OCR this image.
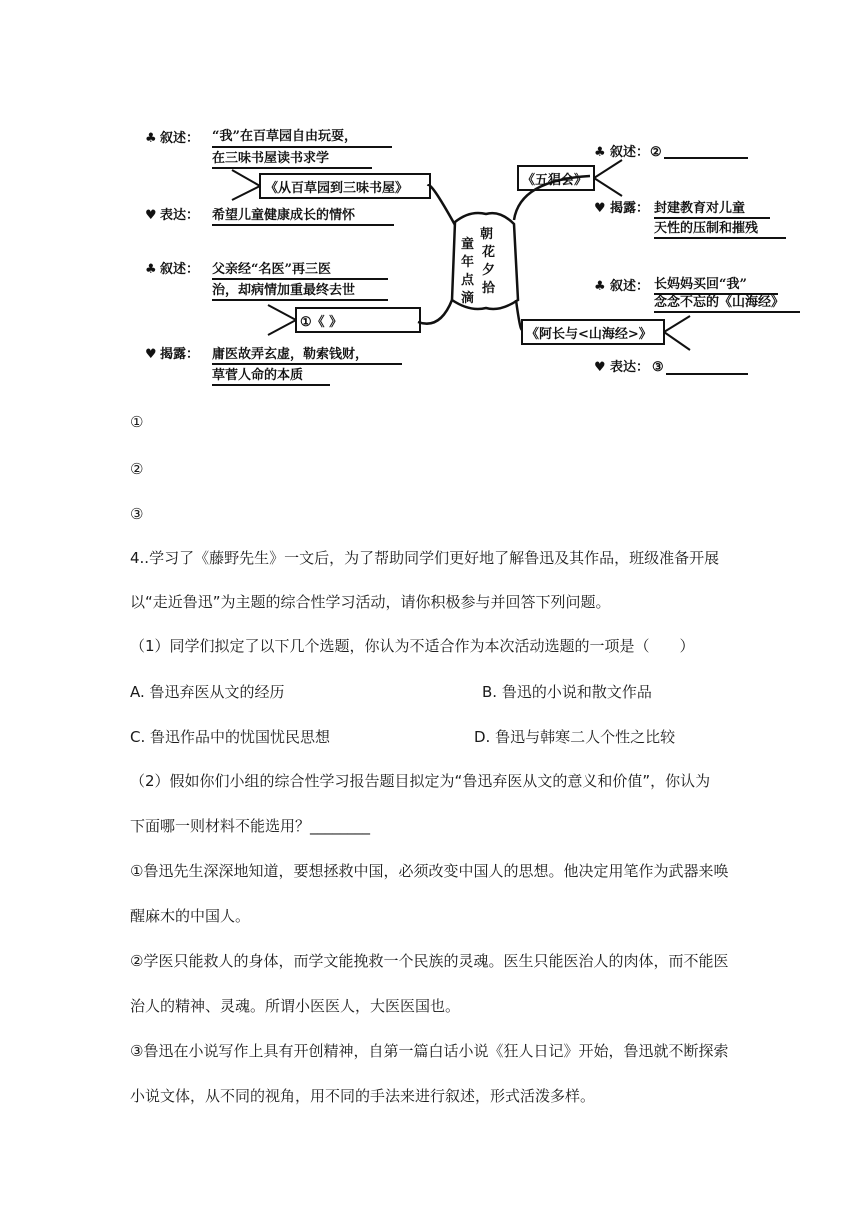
《从百草园到三味书屋》
♣ 叙述： “我”在百草园自由玩耍，
在三味书屋读书求学
♥ 表达： 希望儿童健康成长的情怀
♣ 叙述： 父亲经“名医”再三医
治，却病情加重最终去世
①《 》
♥ 揭露： 庸医故弄玄虚，勒索钱财，
草菅人命的本质
朝
花
夕
拾
童
年
点
滴
《五猖会》
♣ 叙述： ②
♥ 揭露： 封建教育对儿童
天性的压制和摧残
♣ 叙述： 长妈妈买回“我”
念念不忘的《山海经》
《阿长与<山海经>》
♥ 表达： ③
①
②
③
4..学习了《藤野先生》一文后，为了帮助同学们更好地了解鲁迅及其作品，班级准备开展
以“走近鲁迅”为主题的综合性学习活动，请你积极参与并回答下列问题。
（1）同学们拟定了以下几个选题，你认为不适合作为本次活动选题的一项是（　　）
A. 鲁迅弃医从文的经历	B. 鲁迅的小说和散文作品
C. 鲁迅作品中的忧国忧民思想	D. 鲁迅与韩寒二人个性之比较
（2）假如你们小组的综合性学习报告题目拟定为“鲁迅弃医从文的意义和价值”，你认为
下面哪一则材料不能选用？________
①鲁迅先生深深地知道，要想拯救中国，必须改变中国人的思想。他决定用笔作为武器来唤
醒麻木的中国人。
②学医只能救人的身体，而学文能挽救一个民族的灵魂。医生只能医治人的肉体，而不能医
治人的精神、灵魂。所谓小医医人，大医医国也。
③鲁迅在小说写作上具有开创精神，自第一篇白话小说《狂人日记》开始，鲁迅就不断探索
小说文体，从不同的视角，用不同的手法来进行叙述，形式活泼多样。
